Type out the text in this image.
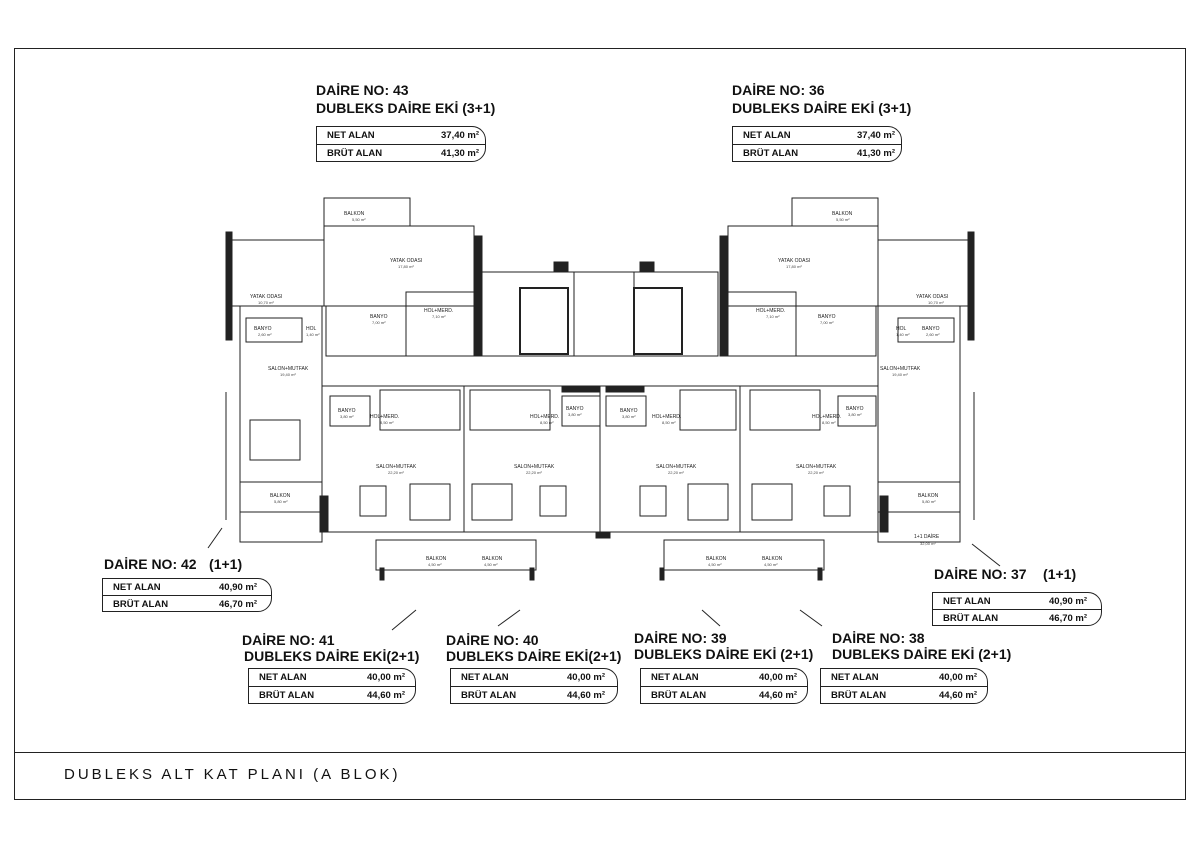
DUBLEKS ALT KAT PLANI (A BLOK)
BALKON
5,50 m²
YATAK ODASI
17,80 m²
YATAK ODASI
10,70 m²
BANYO
7,00 m²
HOL+MERD.
7,10 m²
BANYO
2,60 m²
HOL
1,40 m²
SALON+MUTFAK
19,40 m²
BALKON
5,80 m²
BALKON
5,50 m²
YATAK ODASI
17,80 m²
YATAK ODASI
10,70 m²
BANYO
7,00 m²
HOL+MERD.
7,10 m²
HOL
1,40 m²
BANYO
2,60 m²
SALON+MUTFAK
19,40 m²
BALKON
5,80 m²
BANYO
3,80 m²	HOL+MERD.
8,50 m²
HOL+MERD.
8,50 m²
BANYO
3,80 m²
BANYO
3,80 m²	HOL+MERD.
8,50 m²
HOL+MERD.
8,50 m²
BANYO
3,80 m²
SALON+MUTFAK
22,20 m²
SALON+MUTFAK
22,20 m²
SALON+MUTFAK
22,20 m²
SALON+MUTFAK
22,20 m²
BALKON
4,50 m²
BALKON
4,50 m²
BALKON
4,50 m²
BALKON
4,50 m²
1+1 DAİRE
32,00 m²
DAİRE NO: 43
DUBLEKS DAİRE EKİ (3+1)
NET ALAN	37,40 m²
BRÜT ALAN	41,30 m²
DAİRE NO: 36
DUBLEKS DAİRE EKİ (3+1)
NET ALAN	37,40 m²
BRÜT ALAN	41,30 m²
DAİRE NO: 42 (1+1)
NET ALAN	40,90 m²
BRÜT ALAN	46,70 m²
DAİRE NO: 37 (1+1)
NET ALAN	40,90 m²
BRÜT ALAN	46,70 m²
DAİRE NO: 41
DUBLEKS DAİRE EKİ(2+1)
NET ALAN	40,00 m²
BRÜT ALAN	44,60 m²
DAİRE NO: 40
DUBLEKS DAİRE EKİ(2+1)
NET ALAN	40,00 m²
BRÜT ALAN	44,60 m²
DAİRE NO: 39
DUBLEKS DAİRE EKİ (2+1)
NET ALAN	40,00 m²
BRÜT ALAN	44,60 m²
DAİRE NO: 38
DUBLEKS DAİRE EKİ (2+1)
NET ALAN	40,00 m²
BRÜT ALAN	44,60 m²
